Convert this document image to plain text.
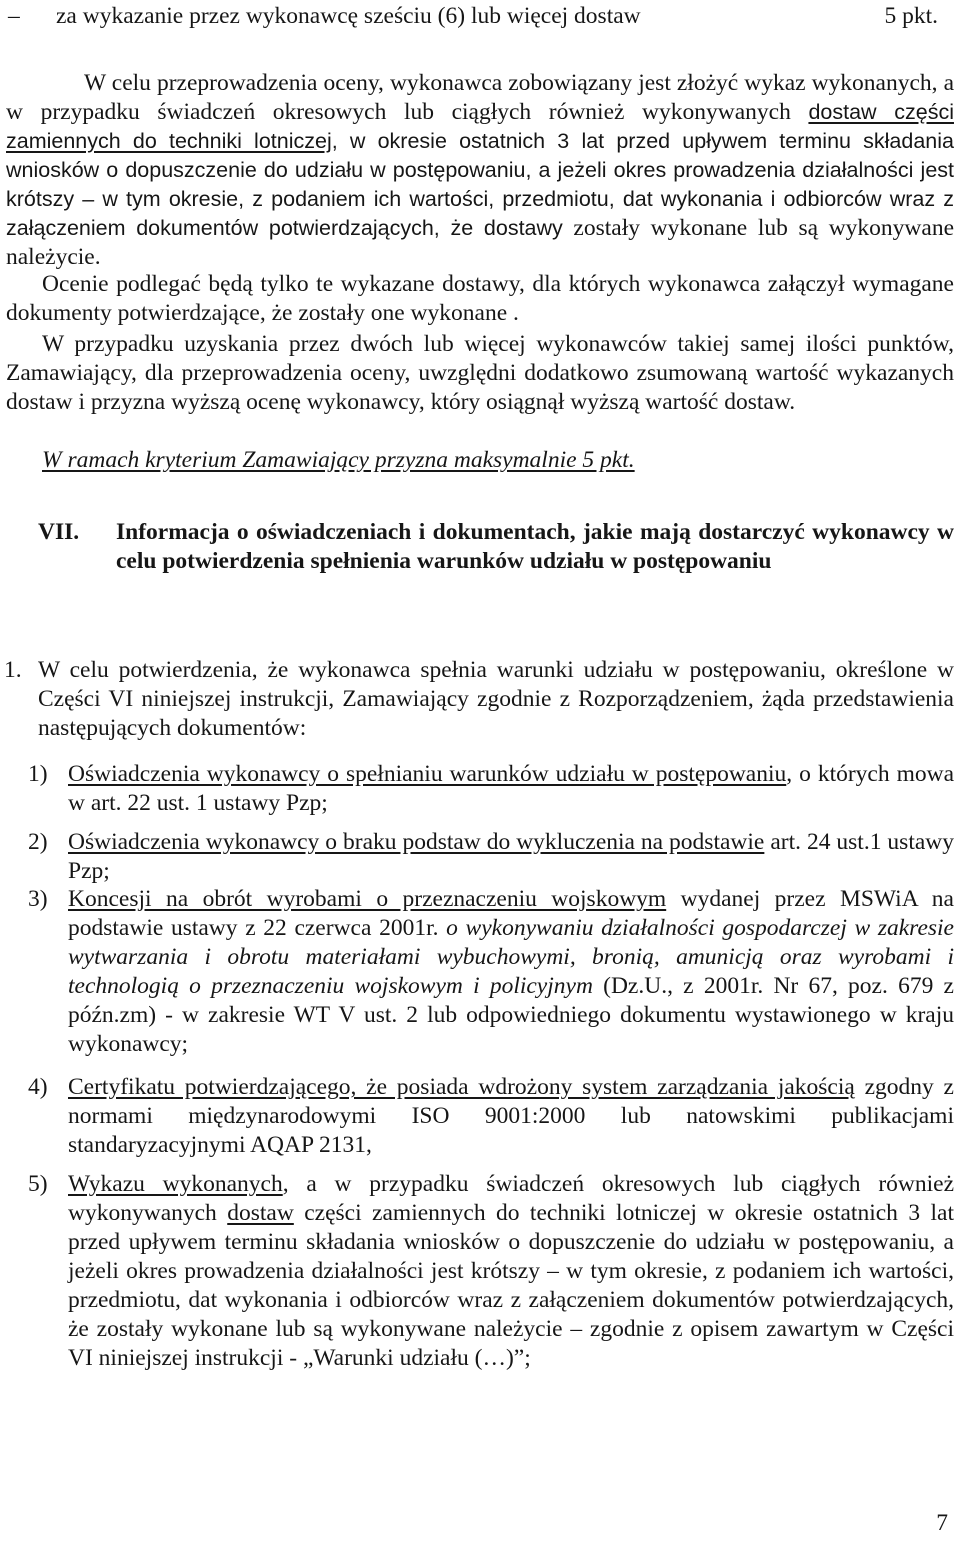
– za wykazanie przez wykonawcę sześciu (6) lub więcej dostaw	5 pkt.

W celu przeprowadzenia oceny, wykonawca zobowiązany jest złożyć wykaz wykonanych, a w przypadku świadczeń okresowych lub ciągłych również wykonywanych dostaw części zamiennych do techniki lotniczej, w okresie ostatnich 3 lat przed upływem terminu składania wniosków o dopuszczenie do udziału w postępowaniu, a jeżeli okres prowadzenia działalności jest krótszy – w tym okresie, z podaniem ich wartości, przedmiotu, dat wykonania i odbiorców wraz z załączeniem dokumentów potwierdzających, że dostawy zostały wykonane lub są wykonywane należycie.

Ocenie podlegać będą tylko te wykazane dostawy, dla których wykonawca załączył wymagane dokumenty potwierdzające, że zostały one wykonane .

W przypadku uzyskania przez dwóch lub więcej wykonawców takiej samej ilości punktów, Zamawiający, dla przeprowadzenia oceny, uwzględni dodatkowo zsumowaną wartość wykazanych dostaw i przyzna wyższą ocenę wykonawcy, który osiągnął wyższą wartość dostaw.

W ramach kryterium Zamawiający przyzna maksymalnie 5 pkt.
VII. Informacja o oświadczeniach i dokumentach, jakie mają dostarczyć wykonawcy w celu potwierdzenia spełnienia warunków udziału w postępowaniu
1. W celu potwierdzenia, że wykonawca spełnia warunki udziału w postępowaniu, określone w Części VI niniejszej instrukcji, Zamawiający zgodnie z Rozporządzeniem, żąda przedstawienia następujących dokumentów:
1) Oświadczenia wykonawcy o spełnianiu warunków udziału w postępowaniu, o których mowa w art. 22 ust. 1 ustawy Pzp;
2) Oświadczenia wykonawcy o braku podstaw do wykluczenia na podstawie art. 24 ust.1 ustawy Pzp;
3) Koncesji na obrót wyrobami o przeznaczeniu wojskowym wydanej przez MSWiA na podstawie ustawy z 22 czerwca 2001r. o wykonywaniu działalności gospodarczej w zakresie wytwarzania i obrotu materiałami wybuchowymi, bronią, amunicją oraz wyrobami i technologią o przeznaczeniu wojskowym i policyjnym (Dz.U., z 2001r. Nr 67, poz. 679 z późn.zm) - w zakresie WT V ust. 2 lub odpowiedniego dokumentu wystawionego w kraju wykonawcy;
4) Certyfikatu potwierdzającego, że posiada wdrożony system zarządzania jakością zgodny z normami międzynarodowymi ISO 9001:2000 lub natowskimi publikacjami standaryzacyjnymi AQAP 2131,
5) Wykazu wykonanych, a w przypadku świadczeń okresowych lub ciągłych również wykonywanych dostaw części zamiennych do techniki lotniczej w okresie ostatnich 3 lat przed upływem terminu składania wniosków o dopuszczenie do udziału w postępowaniu, a jeżeli okres prowadzenia działalności jest krótszy – w tym okresie, z podaniem ich wartości, przedmiotu, dat wykonania i odbiorców wraz z załączeniem dokumentów potwierdzających, że zostały wykonane lub są wykonywane należycie – zgodnie z opisem zawartym w Części VI niniejszej instrukcji - „Warunki udziału (…)”;
7
